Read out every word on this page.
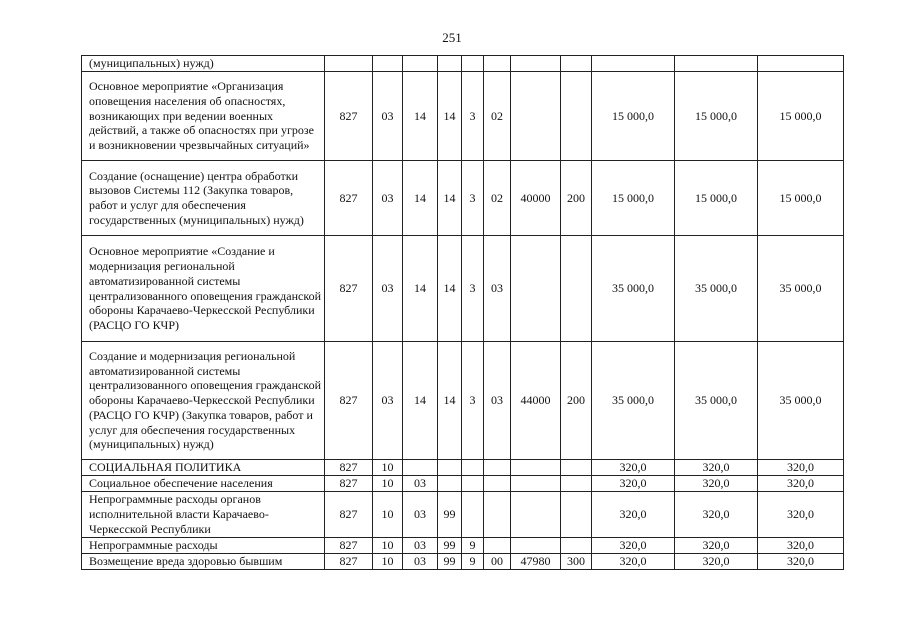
251
(муниципальных) нужд)											
Основное мероприятие «Организация оповещения населения об опасностях, возникающих при ведении военных действий, а также об опасностях при угрозе и возникновении чрезвычайных ситуаций»	827	03	14	14	3	02			15 000,0	15 000,0	15 000,0
Создание (оснащение) центра обработки вызовов Системы 112 (Закупка товаров, работ и услуг для обеспечения государственных (муниципальных) нужд)	827	03	14	14	3	02	40000	200	15 000,0	15 000,0	15 000,0
Основное мероприятие «Создание и модернизация региональной автоматизированной системы централизованного оповещения гражданской обороны Карачаево-Черкесской Республики (РАСЦО ГО КЧР)	827	03	14	14	3	03			35 000,0	35 000,0	35 000,0
Создание и модернизация региональной автоматизированной системы централизованного оповещения гражданской обороны Карачаево-Черкесской Республики (РАСЦО ГО КЧР) (Закупка товаров, работ и услуг для обеспечения государственных (муниципальных) нужд)	827	03	14	14	3	03	44000	200	35 000,0	35 000,0	35 000,0
СОЦИАЛЬНАЯ ПОЛИТИКА	827	10							320,0	320,0	320,0
Социальное обеспечение населения	827	10	03						320,0	320,0	320,0
Непрограммные расходы органов исполнительной власти Карачаево-Черкесской Республики	827	10	03	99					320,0	320,0	320,0
Непрограммные расходы	827	10	03	99	9				320,0	320,0	320,0
Возмещение вреда здоровью бывшим	827	10	03	99	9	00	47980	300	320,0	320,0	320,0
